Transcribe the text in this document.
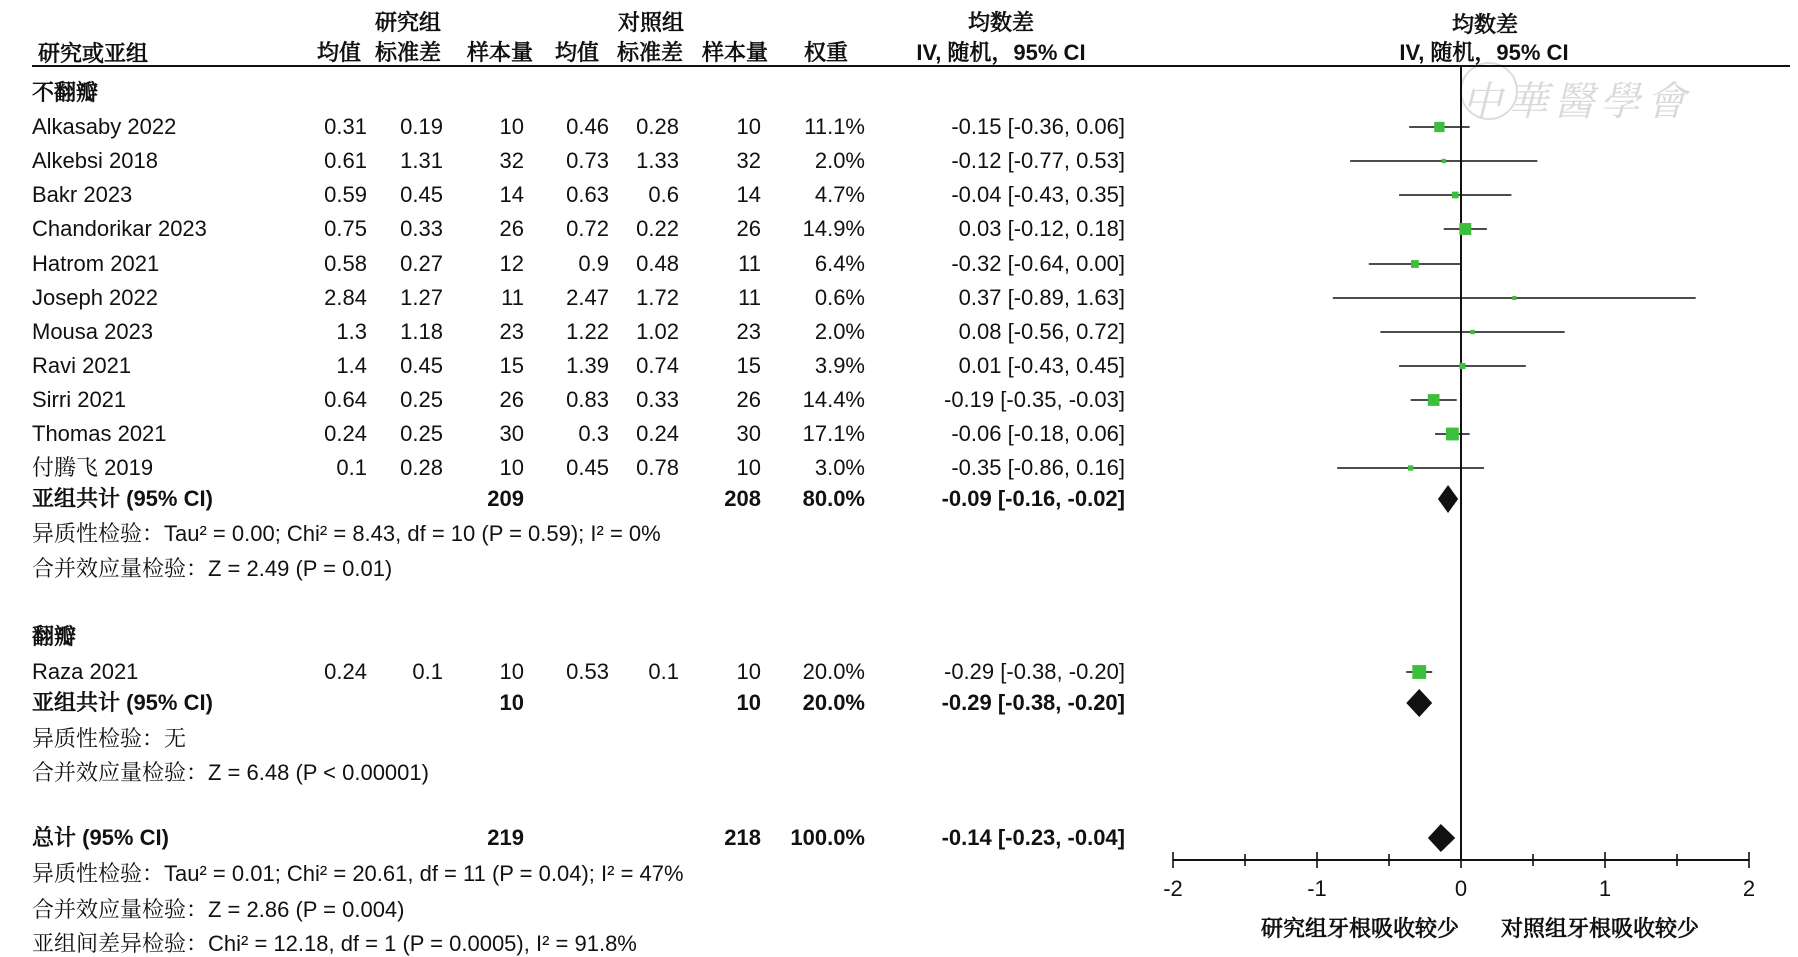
中華醫學會
研究组	对照组	均数差	均数差
研究或亚组	均值 标准差	样本量 均值 标准差 样本量	权重	IV, 随机，95% CI	IV, 随机，95% CI
不翻瓣
Alkasaby 2022	0.31 0.19	10 0.46 0.28	10 11.1%	-0.15 [-0.36, 0.06]
Alkebsi 2018	0.61 1.31	32 0.73 1.33	32 2.0%	-0.12 [-0.77, 0.53]
Bakr 2023	0.59 0.45	14 0.63 0.6	14 4.7%	-0.04 [-0.43, 0.35]
Chandorikar 2023	0.75 0.33	26 0.72 0.22	26 14.9%	0.03 [-0.12, 0.18]
Hatrom 2021	0.58 0.27	12 0.9 0.48	11 6.4%	-0.32 [-0.64, 0.00]
Joseph 2022	2.84 1.27	11 2.47 1.72	11 0.6%	0.37 [-0.89, 1.63]
Mousa 2023	1.3 1.18	23 1.22 1.02	23 2.0%	0.08 [-0.56, 0.72]
Ravi 2021	1.4 0.45	15 1.39 0.74	15 3.9%	0.01 [-0.43, 0.45]
Sirri 2021	0.64 0.25	26 0.83 0.33	26 14.4%	-0.19 [-0.35, -0.03]
Thomas 2021	0.24 0.25	30 0.3 0.24	30 17.1%	-0.06 [-0.18, 0.06]
付腾飞 2019	0.1 0.28	10 0.45 0.78	10 3.0%	-0.35 [-0.86, 0.16]
亚组共计 (95% CI)	209	208 80.0%	-0.09 [-0.16, -0.02]
异质性检验：Tau² = 0.00; Chi² = 8.43, df = 10 (P = 0.59); I² = 0%
合并效应量检验：Z = 2.49 (P = 0.01)
翻瓣
Raza 2021	0.24 0.1	10 0.53 0.1	10 20.0%	-0.29 [-0.38, -0.20]
亚组共计 (95% CI)	10	10 20.0%	-0.29 [-0.38, -0.20]
异质性检验：无
合并效应量检验：Z = 6.48 (P < 0.00001)
总计 (95% CI)	219	218 100.0%	-0.14 [-0.23, -0.04]
异质性检验：Tau² = 0.01; Chi² = 20.61, df = 11 (P = 0.04); I² = 47%
合并效应量检验：Z = 2.86 (P = 0.004)
亚组间差异检验：Chi² = 12.18, df = 1 (P = 0.0005), I² = 91.8%
-2	-1	0	1	2
研究组牙根吸收较少 对照组牙根吸收较少
